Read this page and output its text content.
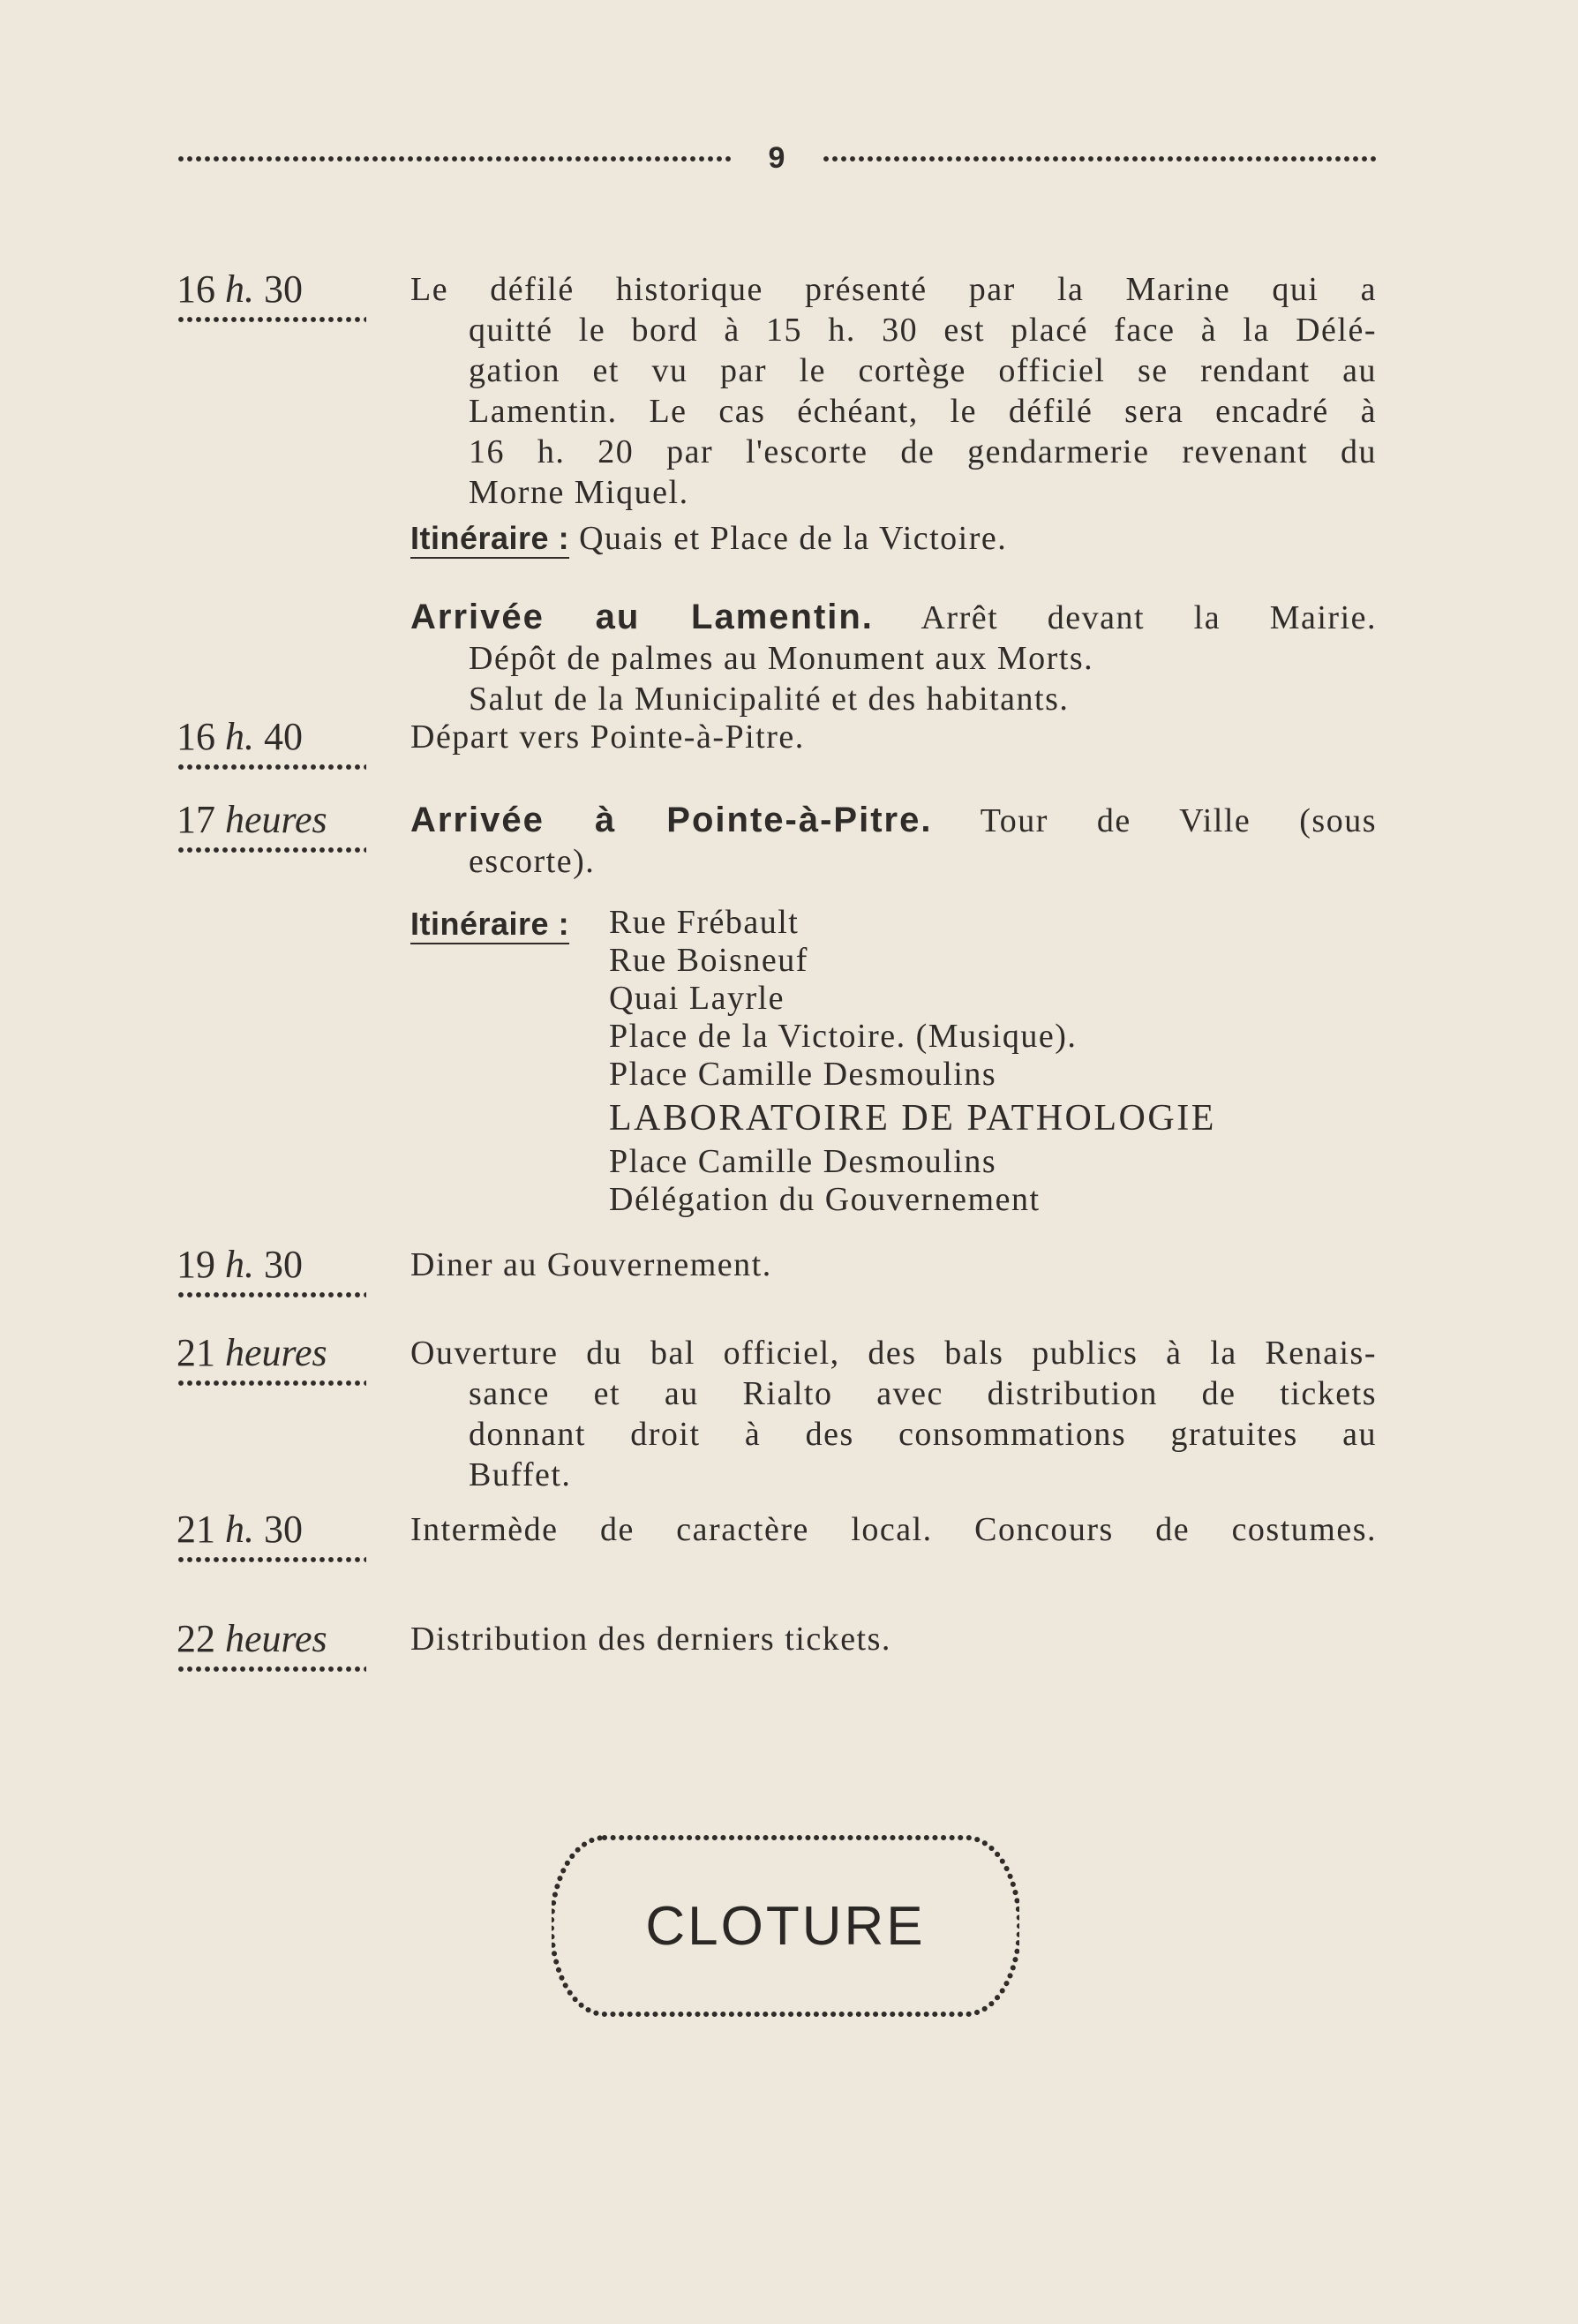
9
16 h. 30	Le défilé historique présenté par la Marine qui a

quitté le bord à 15 h. 30 est placé face à la Délé-

gation et vu par le cortège officiel se rendant au

Lamentin. Le cas échéant, le défilé sera encadré à

16 h. 20 par l'escorte de gendarmerie revenant du

Morne Miquel.

Itinéraire : Quais et Place de la Victoire.

Arrivée au Lamentin. Arrêt devant la Mairie.

Dépôt de palmes au Monument aux Morts.

Salut de la Municipalité et des habitants.

16 h. 40	Départ vers Pointe-à-Pitre.

17 heures	Arrivée à Pointe-à-Pitre. Tour de Ville (sous

escorte).

Itinéraire : Rue Frébault
Rue Boisneuf
Quai Layrle
Place de la Victoire. (Musique).
Place Camille Desmoulins
LABORATOIRE DE PATHOLOGIE
Place Camille Desmoulins
Délégation du Gouvernement
19 h. 30	Diner au Gouvernement.

21 heures	Ouverture du bal officiel, des bals publics à la Renais-

sance et au Rialto avec distribution de tickets

donnant droit à des consommations gratuites au

Buffet.

21 h. 30	Intermède de caractère local. Concours de costumes.

22 heures	Distribution des derniers tickets.

CLOTURE
